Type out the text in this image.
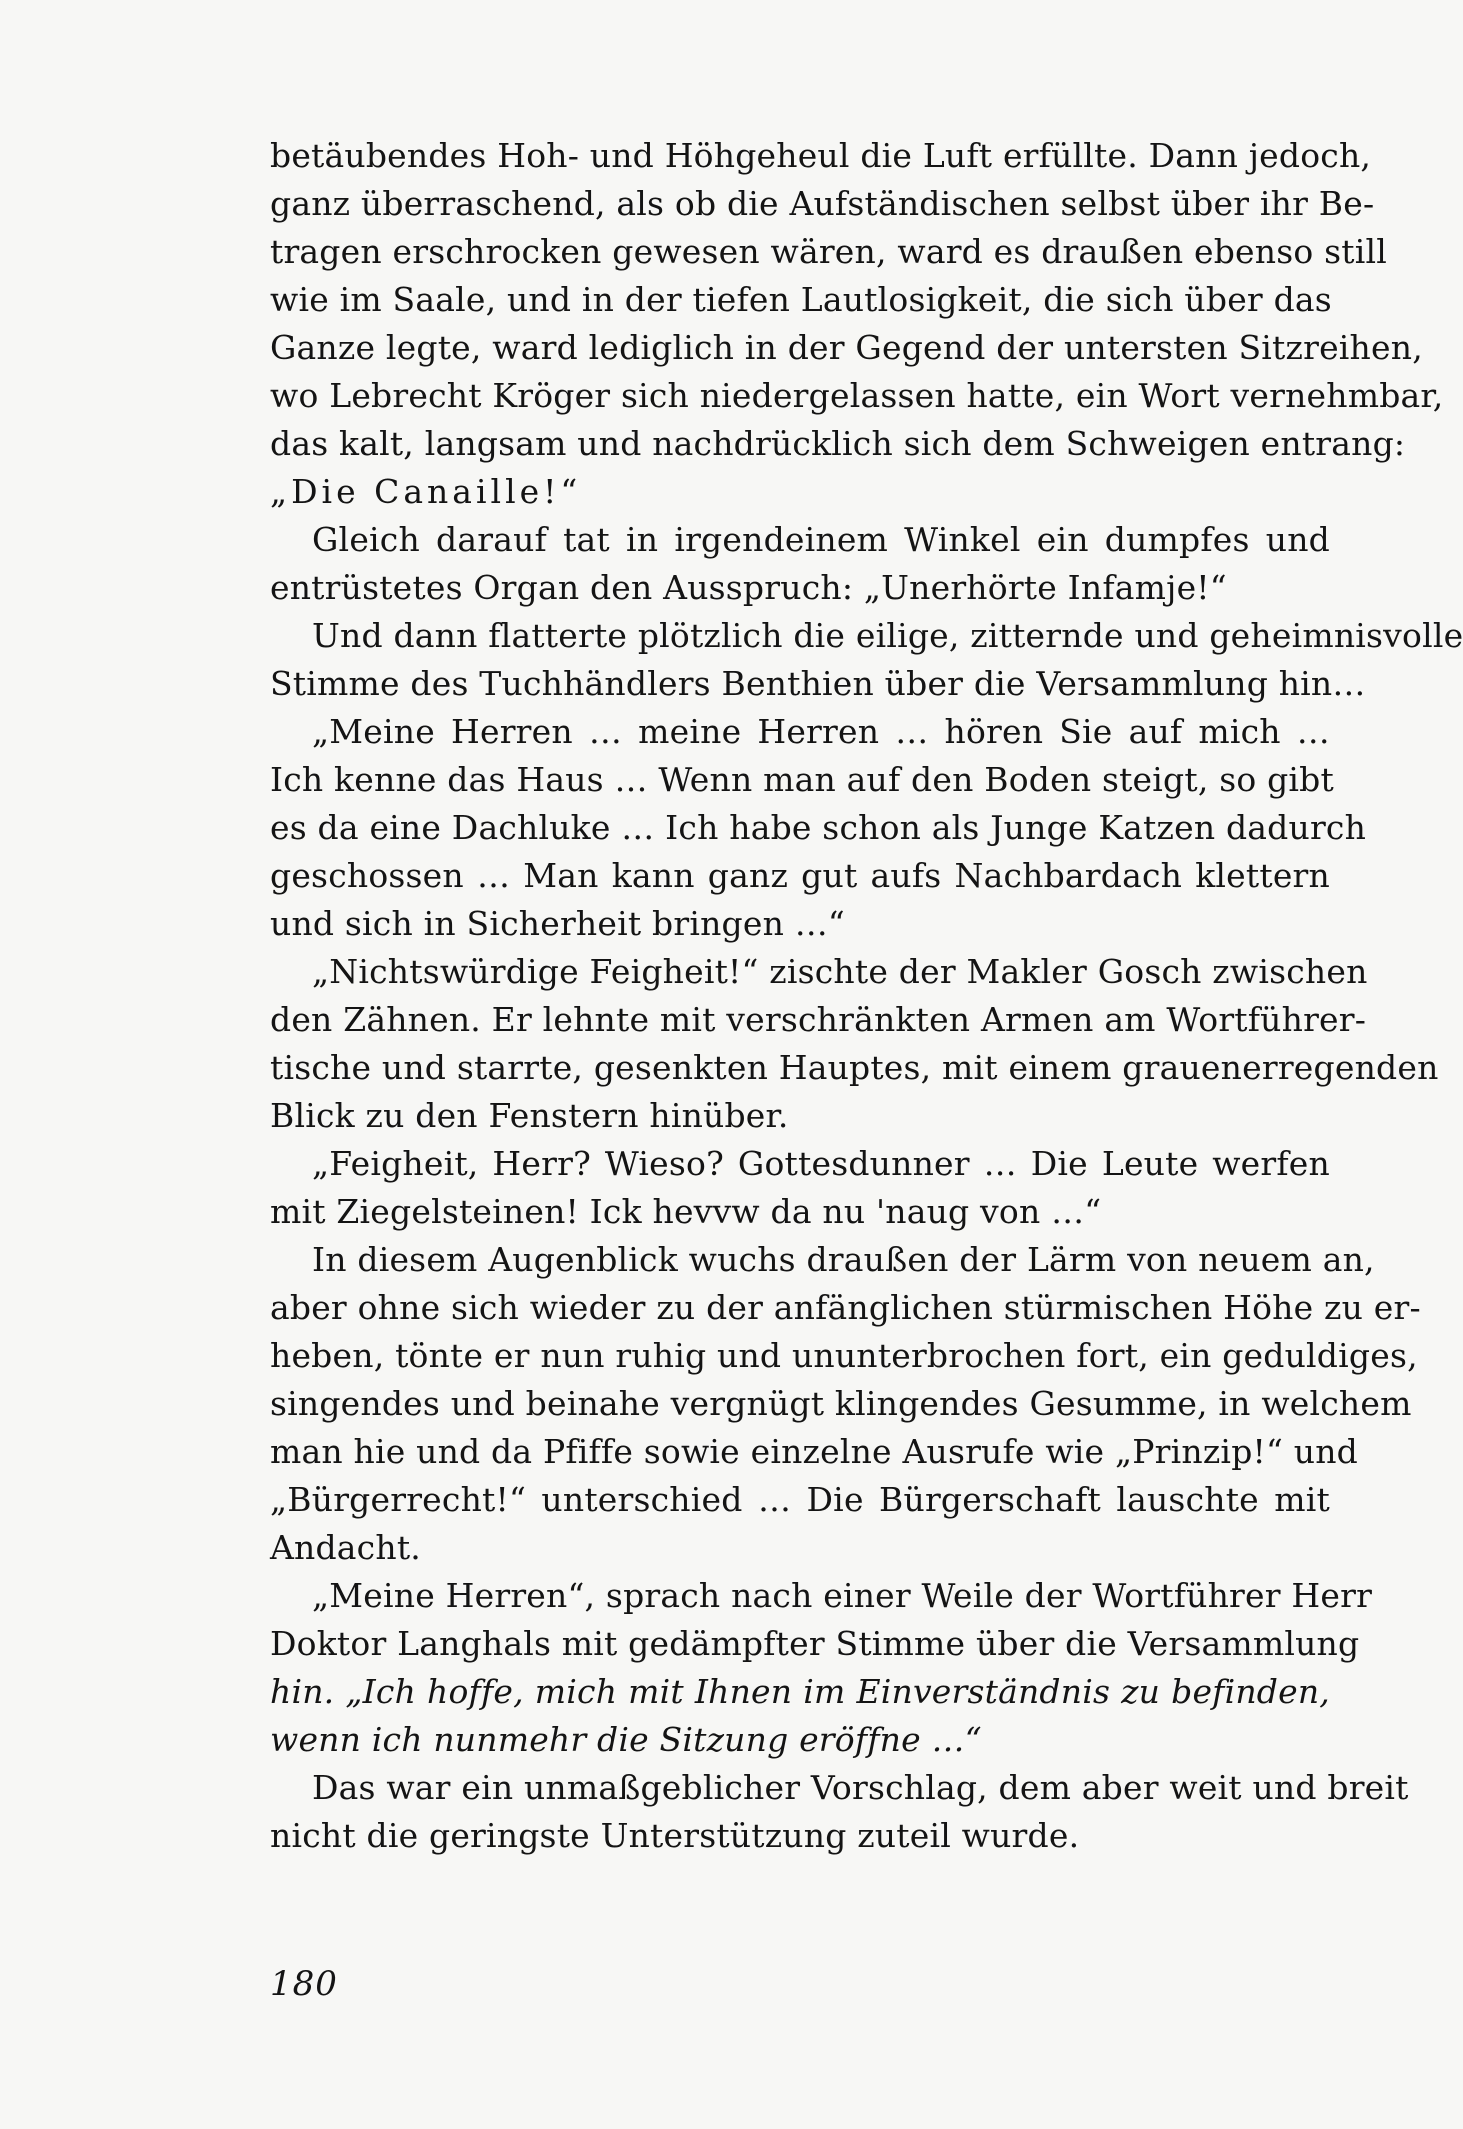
betäubendes Hoh- und Höhgeheul die Luft erfüllte. Dann jedoch,
ganz überraschend, als ob die Aufständischen selbst über ihr Be-
tragen erschrocken gewesen wären, ward es draußen ebenso still
wie im Saale, und in der tiefen Lautlosigkeit, die sich über das
Ganze legte, ward lediglich in der Gegend der untersten Sitzreihen,
wo Lebrecht Kröger sich niedergelassen hatte, ein Wort vernehmbar,
das kalt, langsam und nachdrücklich sich dem Schweigen entrang:
„Die Canaille!“
Gleich darauf tat in irgendeinem Winkel ein dumpfes und
entrüstetes Organ den Ausspruch: „Unerhörte Infamje!“
Und dann flatterte plötzlich die eilige, zitternde und geheimnisvolle
Stimme des Tuchhändlers Benthien über die Versammlung hin…
„Meine Herren … meine Herren … hören Sie auf mich …
Ich kenne das Haus … Wenn man auf den Boden steigt, so gibt
es da eine Dachluke … Ich habe schon als Junge Katzen dadurch
geschossen … Man kann ganz gut aufs Nachbardach klettern
und sich in Sicherheit bringen …“
„Nichtswürdige Feigheit!“ zischte der Makler Gosch zwischen
den Zähnen. Er lehnte mit verschränkten Armen am Wortführer-
tische und starrte, gesenkten Hauptes, mit einem grauenerregenden
Blick zu den Fenstern hinüber.
„Feigheit, Herr? Wieso? Gottesdunner … Die Leute werfen
mit Ziegelsteinen! Ick hevvw da nu 'naug von …“
In diesem Augenblick wuchs draußen der Lärm von neuem an,
aber ohne sich wieder zu der anfänglichen stürmischen Höhe zu er-
heben, tönte er nun ruhig und ununterbrochen fort, ein geduldiges,
singendes und beinahe vergnügt klingendes Gesumme, in welchem
man hie und da Pfiffe sowie einzelne Ausrufe wie „Prinzip!“ und
„Bürgerrecht!“ unterschied … Die Bürgerschaft lauschte mit
Andacht.
„Meine Herren“, sprach nach einer Weile der Wortführer Herr
Doktor Langhals mit gedämpfter Stimme über die Versammlung
hin. „Ich hoffe, mich mit Ihnen im Einverständnis zu befinden,
wenn ich nunmehr die Sitzung eröffne …“
Das war ein unmaßgeblicher Vorschlag, dem aber weit und breit
nicht die geringste Unterstützung zuteil wurde.
180
